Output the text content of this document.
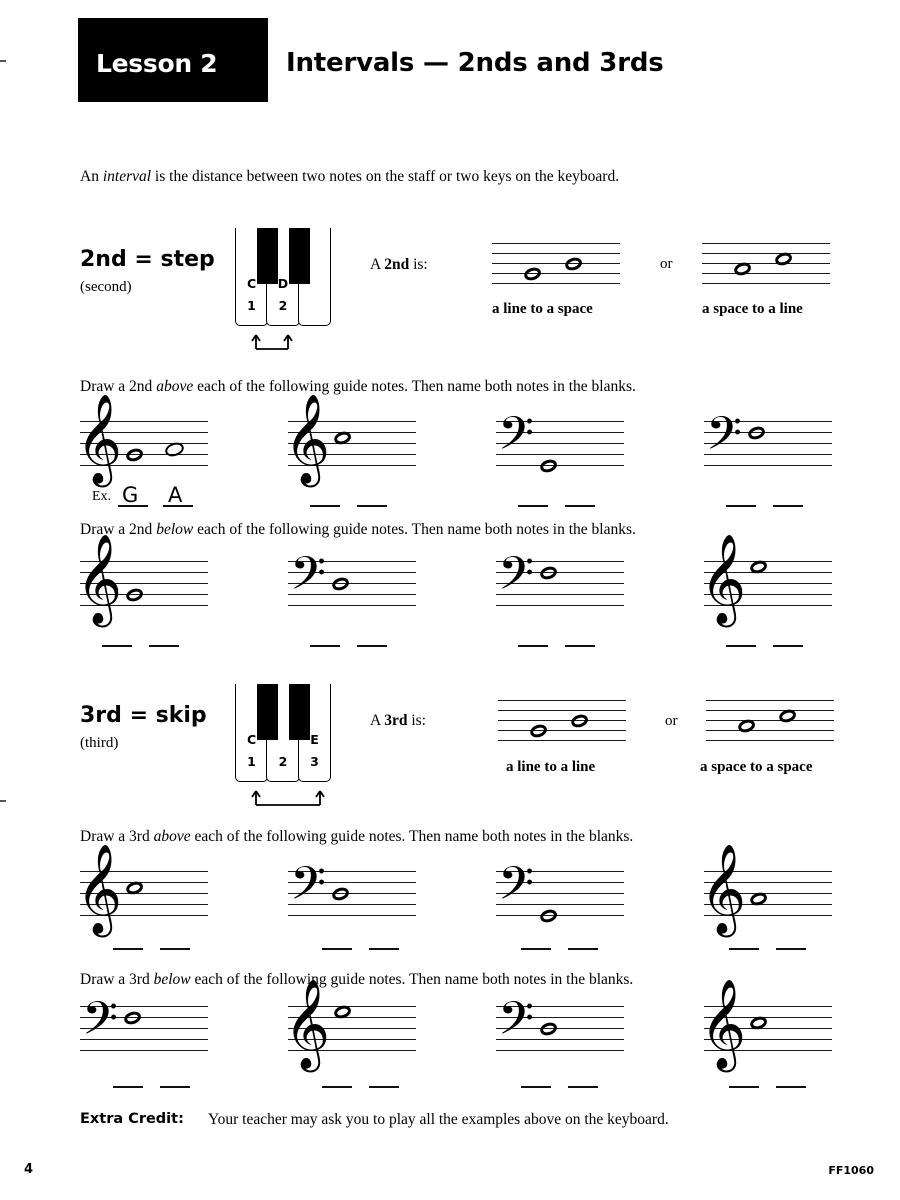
Lesson 2	Intervals — 2nds and 3rds
An interval is the distance between two notes on the staff or two keys on the keyboard.
2nd = step
(second)	C
1
D
2
A 2nd is:
a line to a space
or
a space to a line
Draw a 2nd above each of the following guide notes. Then name both notes in the blanks.
𝄞
Ex. G A
𝄞	𝄢	𝄢
Draw a 2nd below each of the following guide notes. Then name both notes in the blanks.
𝄞	𝄢	𝄢 𝄞
3rd = skip
(third)	C
1	2
E
3
A 3rd is:
a line to a line
or
a space to a space
Draw a 3rd above each of the following guide notes. Then name both notes in the blanks.
𝄞	𝄢	𝄢 𝄞
Draw a 3rd below each of the following guide notes. Then name both notes in the blanks.
𝄢 𝄞	𝄢 𝄞
Extra Credit: Your teacher may ask you to play all the examples above on the keyboard.
4	FF1060
